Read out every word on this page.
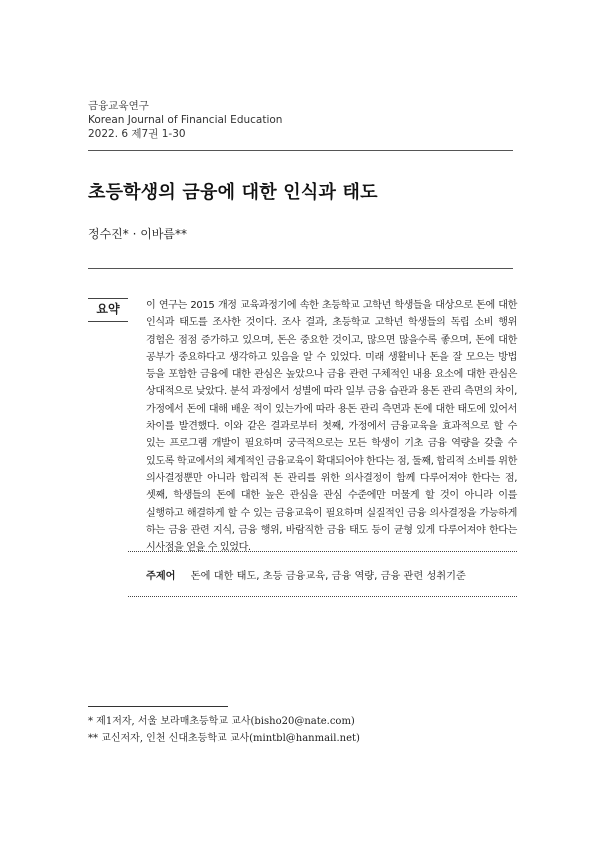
금융교육연구
Korean Journal of Financial Education
2022. 6 제7권 1-30
초등학생의 금융에 대한 인식과 태도
정수진* · 이바름**
요약	이 연구는 2015 개정 교육과정기에 속한 초등학교 고학년 학생들을 대상으로 돈에 대한 인식과 태도를 조사한 것이다. 조사 결과, 초등학교 고학년 학생들의 독립 소비 행위 경험은 점점 증가하고 있으며, 돈은 중요한 것이고, 많으면 많을수록 좋으며, 돈에 대한 공부가 중요하다고 생각하고 있음을 알 수 있었다. 미래 생활비나 돈을 잘 모으는 방법 등을 포함한 금융에 대한 관심은 높았으나 금융 관련 구체적인 내용 요소에 대한 관심은 상대적으로 낮았다. 분석 과정에서 성별에 따라 일부 금융 습관과 용돈 관리 측면의 차이, 가정에서 돈에 대해 배운 적이 있는가에 따라 용돈 관리 측면과 돈에 대한 태도에 있어서 차이를 발견했다. 이와 같은 결과로부터 첫째, 가정에서 금융교육을 효과적으로 할 수 있는 프로그램 개발이 필요하며 궁극적으로는 모든 학생이 기초 금융 역량을 갖출 수 있도록 학교에서의 체계적인 금융교육이 확대되어야 한다는 점, 둘째, 합리적 소비를 위한 의사결정뿐만 아니라 합리적 돈 관리를 위한 의사결정이 함께 다루어져야 한다는 점, 셋째, 학생들의 돈에 대한 높은 관심을 관심 수준에만 머물게 할 것이 아니라 이를 실행하고 해결하게 할 수 있는 금융교육이 필요하며 실질적인 금융 의사결정을 가능하게 하는 금융 관련 지식, 금융 행위, 바람직한 금융 태도 등이 균형 있게 다루어져야 한다는 시사점을 얻을 수 있었다.
주제어 돈에 대한 태도, 초등 금융교육, 금융 역량, 금융 관련 성취기준
* 제1저자, 서울 보라매초등학교 교사(bisho20@nate.com)
** 교신저자, 인천 신대초등학교 교사(mintbl@hanmail.net)
